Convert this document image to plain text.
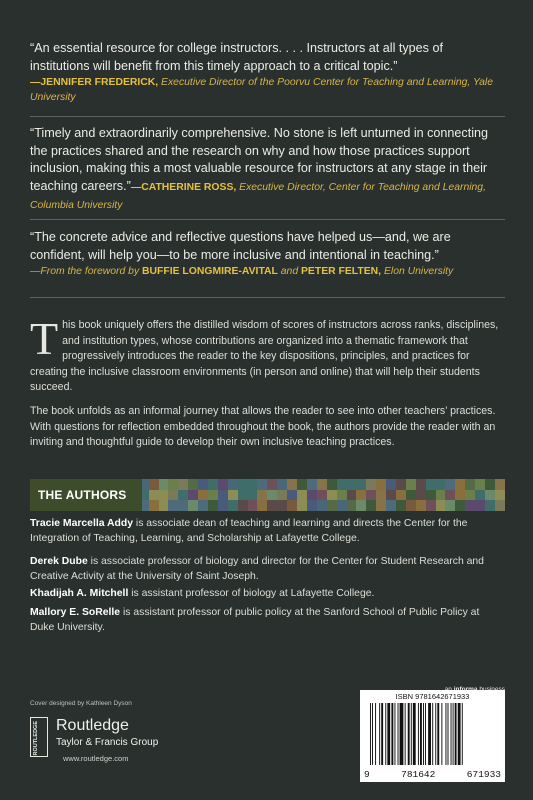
“An essential resource for college instructors. . . . Instructors at all types of institutions will benefit from this timely approach to a critical topic.”
—JENNIFER FREDERICK, Executive Director of the Poorvu Center for Teaching and Learning, Yale University
“Timely and extraordinarily comprehensive. No stone is left unturned in connecting the practices shared and the research on why and how those practices support inclusion, making this a most valuable resource for instructors at any stage in their teaching careers.”—CATHERINE ROSS, Executive Director, Center for Teaching and Learning, Columbia University
“The concrete advice and reflective questions have helped us—and, we are confident, will help you—to be more inclusive and intentional in teaching.”
—From the foreword by BUFFIE LONGMIRE-AVITAL and PETER FELTEN, Elon University
This book uniquely offers the distilled wisdom of scores of instructors across ranks, disciplines, and institution types, whose contributions are organized into a thematic framework that progressively introduces the reader to the key dispositions, principles, and practices for creating the inclusive classroom environments (in person and online) that will help their students succeed.
The book unfolds as an informal journey that allows the reader to see into other teachers’ practices. With questions for reflection embedded throughout the book, the authors provide the reader with an inviting and thoughtful guide to develop their own inclusive teaching practices.
THE AUTHORS
Tracie Marcella Addy is associate dean of teaching and learning and directs the Center for the Integration of Teaching, Learning, and Scholarship at Lafayette College.
Derek Dube is associate professor of biology and director for the Center for Student Research and Creative Activity at the University of Saint Joseph.
Khadijah A. Mitchell is assistant professor of biology at Lafayette College.
Mallory E. SoRelle is assistant professor of public policy at the Sanford School of Public Policy at Duke University.
Cover designed by Kathleen Dyson
ROUTLEDGE Routledge
Taylor & Francis Group
www.routledge.com
ISBN 9781642671933
9	781642	671933
